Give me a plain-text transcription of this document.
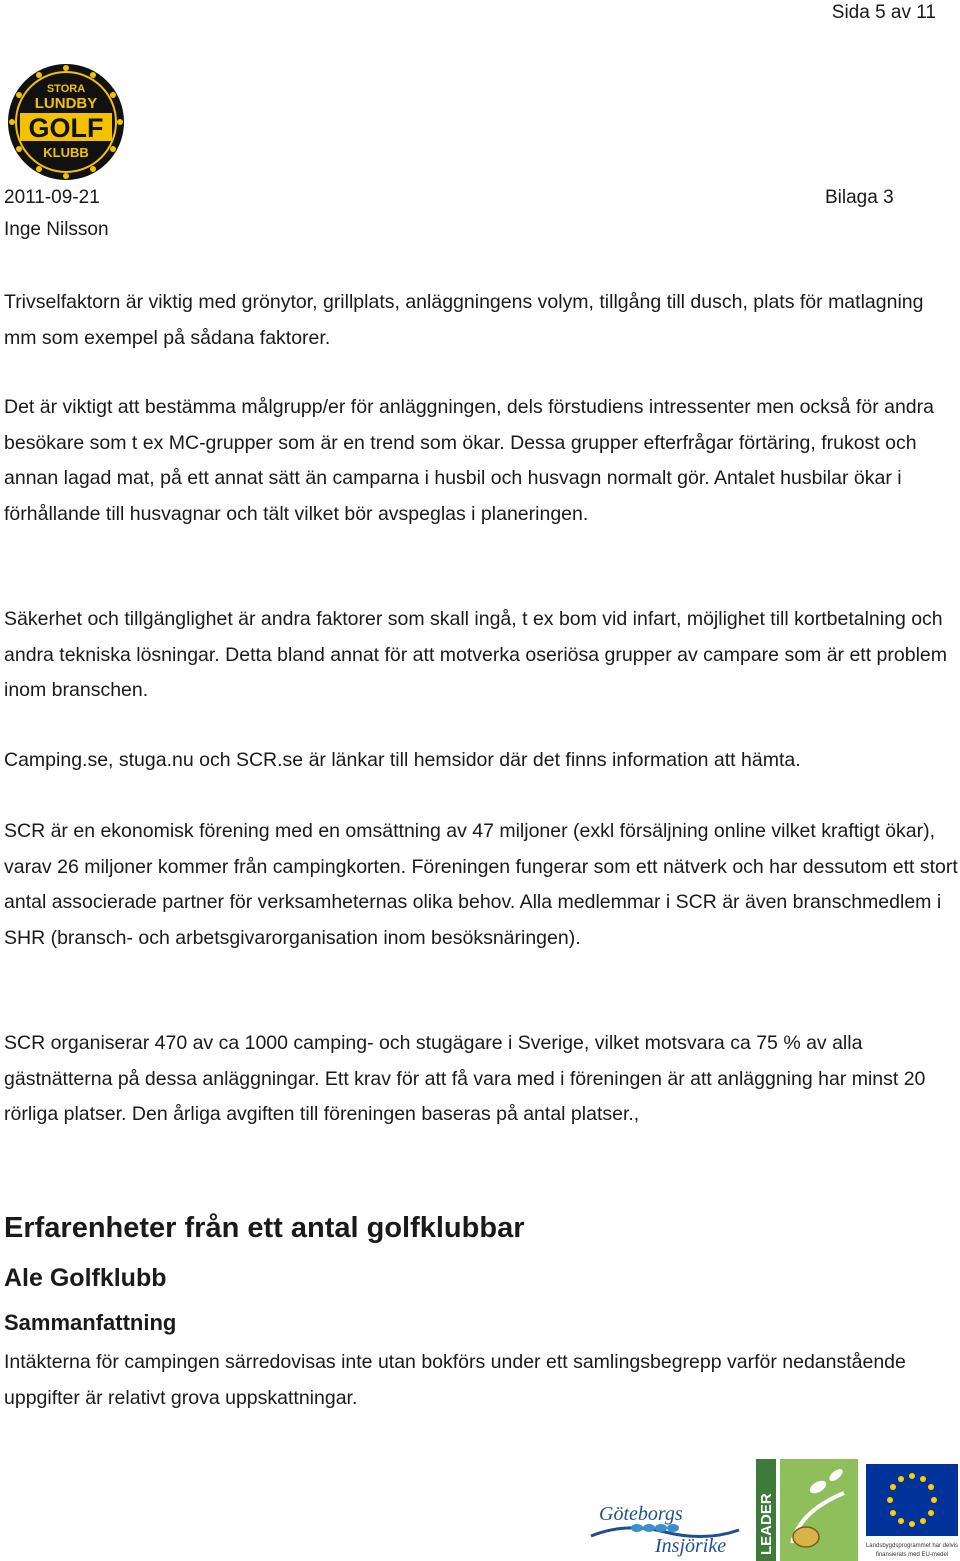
Sida 5 av 11
STORA
LUNDBY
GOLF
KLUBB
2011-09-21
Inge Nilsson
Bilaga 3

Trivselfaktorn är viktig med grönytor, grillplats, anläggningens volym, tillgång till dusch, plats för matlagning mm som exempel på sådana faktorer.

Det är viktigt att bestämma målgrupp/er för anläggningen, dels förstudiens intressenter men också för andra besökare som t ex MC-grupper som är en trend som ökar. Dessa grupper efterfrågar förtäring, frukost och annan lagad mat, på ett annat sätt än camparna i husbil och husvagn normalt gör. Antalet husbilar ökar i förhållande till husvagnar och tält vilket bör avspeglas i planeringen.

Säkerhet och tillgänglighet är andra faktorer som skall ingå, t ex bom vid infart, möjlighet till kortbetalning och andra tekniska lösningar. Detta bland annat för att motverka oseriösa grupper av campare som är ett problem inom branschen.

Camping.se, stuga.nu och SCR.se är länkar till hemsidor där det finns information att hämta.

SCR är en ekonomisk förening med en omsättning av 47 miljoner (exkl försäljning online vilket kraftigt ökar), varav 26 miljoner kommer från campingkorten. Föreningen fungerar som ett nätverk och har dessutom ett stort antal associerade partner för verksamheternas olika behov. Alla medlemmar i SCR är även branschmedlem i SHR (bransch- och arbetsgivarorganisation inom besöksnäringen).

SCR organiserar 470 av ca 1000 camping- och stugägare i Sverige, vilket motsvara ca 75 % av alla gästnätterna på dessa anläggningar. Ett krav för att få vara med i föreningen är att anläggning har minst 20 rörliga platser. Den årliga avgiften till föreningen baseras på antal platser.,

Erfarenheter från ett antal golfklubbar
Ale Golfklubb
Sammanfattning

Intäkterna för campingen särredovisas inte utan bokförs under ett samlingsbegrepp varför nedanstående uppgifter är relativt grova uppskattningar.

Göteborgs
Insjörike LEADER	Landsbygdsprogrammet har delvis
finansierats med EU-medel
